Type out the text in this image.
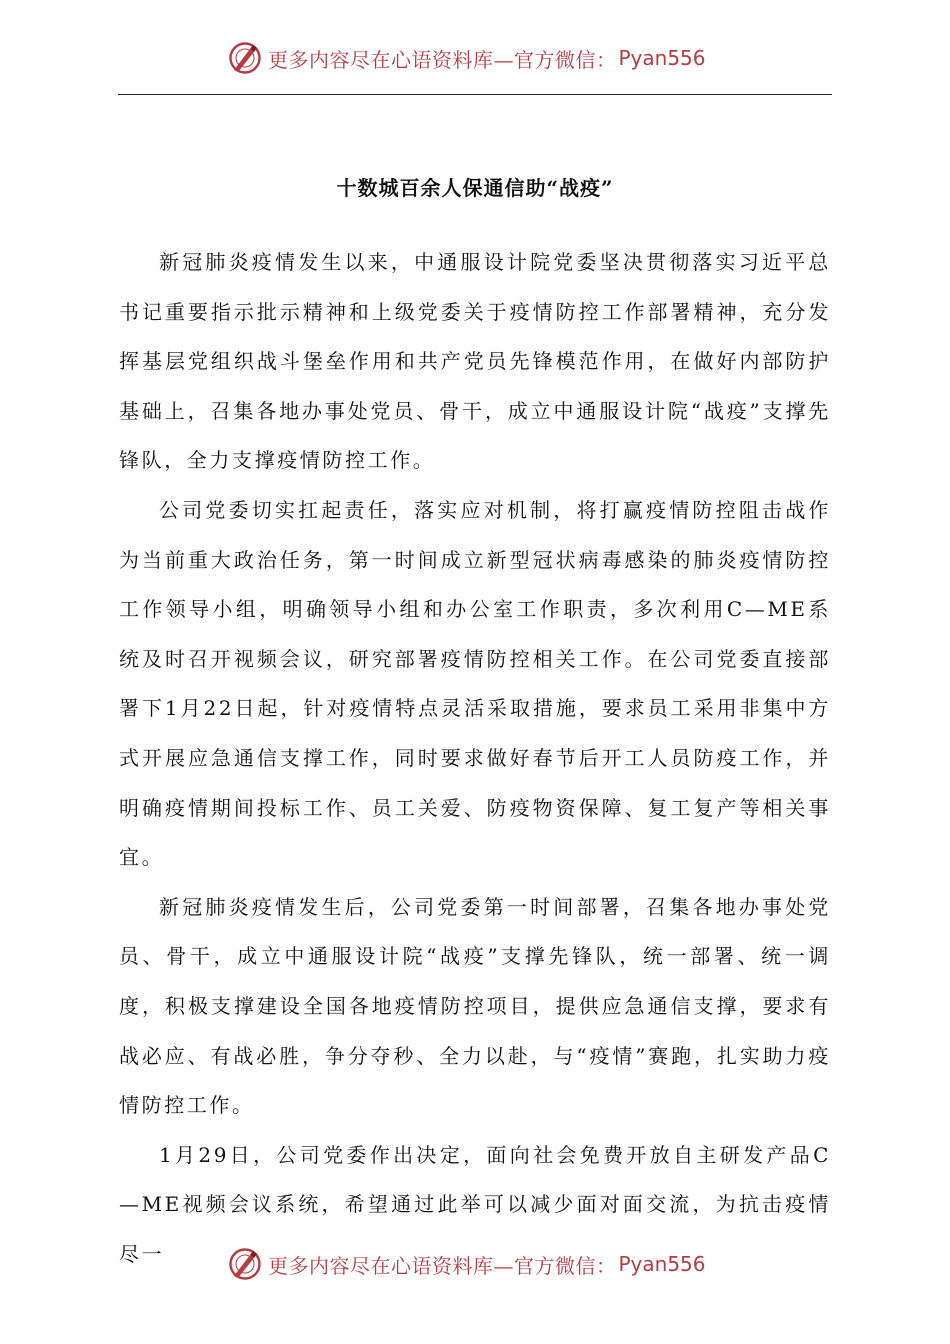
更多内容尽在心语资料库—官方微信： Pyan556
十数城百余人保通信助“战疫”

新冠肺炎疫情发生以来，中通服设计院党委坚决贯彻落实习近平总书记重要指示批示精神和上级党委关于疫情防控工作部署精神，充分发挥基层党组织战斗堡垒作用和共产党员先锋模范作用，在做好内部防护基础上，召集各地办事处党员、骨干，成立中通服设计院“战疫”支撑先锋队，全力支撑疫情防控工作。

公司党委切实扛起责任，落实应对机制，将打赢疫情防控阻击战作为当前重大政治任务，第一时间成立新型冠状病毒感染的肺炎疫情防控工作领导小组，明确领导小组和办公室工作职责，多次利用C—ME系统及时召开视频会议，研究部署疫情防控相关工作。在公司党委直接部署下1月22日起，针对疫情特点灵活采取措施，要求员工采用非集中方式开展应急通信支撑工作，同时要求做好春节后开工人员防疫工作，并明确疫情期间投标工作、员工关爱、防疫物资保障、复工复产等相关事宜。

新冠肺炎疫情发生后，公司党委第一时间部署，召集各地办事处党员、骨干，成立中通服设计院“战疫”支撑先锋队，统一部署、统一调度，积极支撑建设全国各地疫情防控项目，提供应急通信支撑，要求有战必应、有战必胜，争分夺秒、全力以赴，与“疫情”赛跑，扎实助力疫情防控工作。

1月29日，公司党委作出决定，面向社会免费开放自主研发产品C—ME视频会议系统，希望通过此举可以减少面对面交流，为抗击疫情尽一	更多内容尽在心语资料库—官方微信： Pyan556
